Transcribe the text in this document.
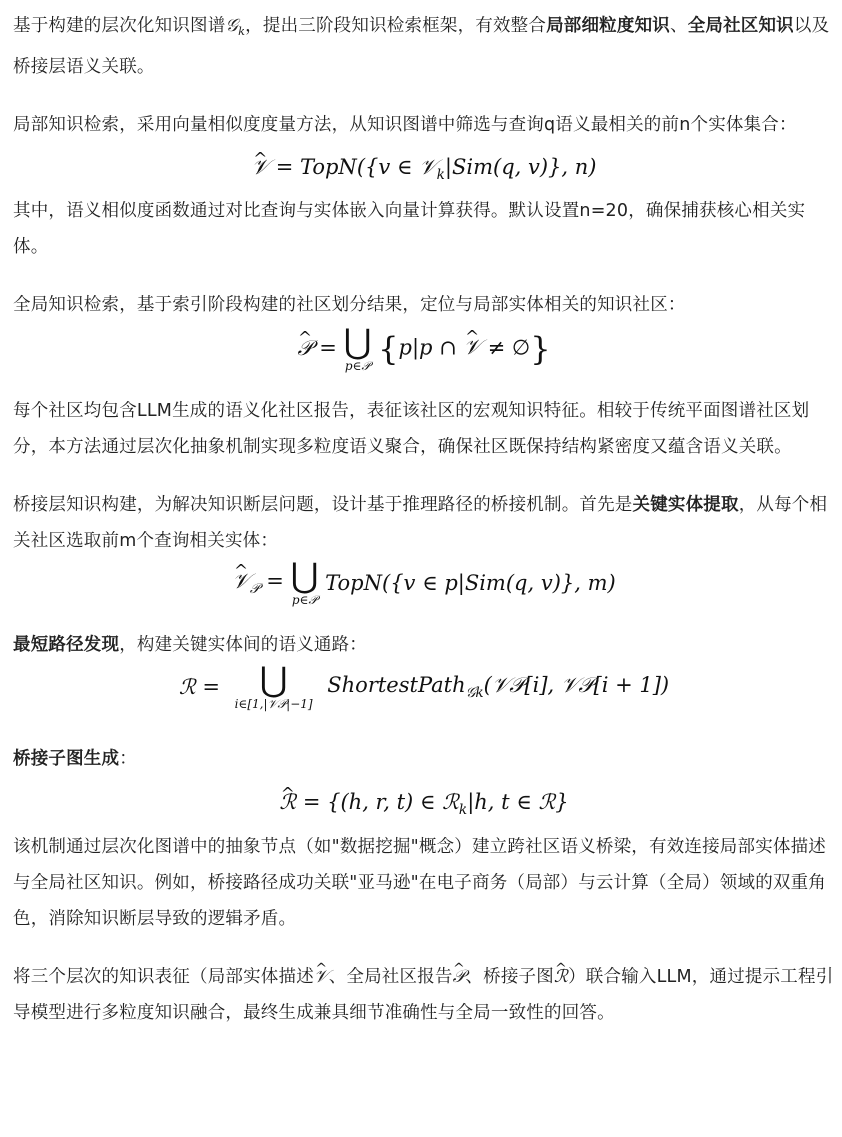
基于构建的层次化知识图谱𝒢$_k$，提出三阶段知识检索框架，有效整合局部细粒度知识、全局社区知识以及桥接层语义关联。

局部知识检索，采用向量相似度度量方法，从知识图谱中筛选与查询q语义最相关的前n个实体集合：

^ 𝒱 = TopN({v ∈ 𝒱$_k$|Sim(q, v)}, n)

其中，语义相似度函数通过对比查询与实体嵌入向量计算获得。默认设置n=20，确保捕获核心相关实体。

全局知识检索，基于索引阶段构建的社区划分结果，定位与局部实体相关的知识社区：

^ 𝒫 = ⋃
p∈𝒫 {p|p ∩ ^ 𝒱 ≠ ∅}

每个社区均包含LLM生成的语义化社区报告，表征该社区的宏观知识特征。相较于传统平面图谱社区划分，本方法通过层次化抽象机制实现多粒度语义聚合，确保社区既保持结构紧密度又蕴含语义关联。

桥接层知识构建，为解决知识断层问题，设计基于推理路径的桥接机制。首先是关键实体提取，从每个相关社区选取前m个查询相关实体：

^ 𝒱$_𝒫$ = ⋃
p∈𝒫
TopN({v ∈ p|Sim(q, v)}, m)

最短路径发现，构建关键实体间的语义通路：

ℛ =	⋃
i∈[1,|𝒱𝒫|−1]
ShortestPath$_{𝒢k}$(𝒱𝒫[i], 𝒱𝒫[i + 1])

桥接子图生成：

^ ℛ = {(h, r, t) ∈ ℛ$_k$|h, t ∈ ℛ}

该机制通过层次化图谱中的抽象节点（如"数据挖掘"概念）建立跨社区语义桥梁，有效连接局部实体描述与全局社区知识。例如，桥接路径成功关联"亚马逊"在电子商务（局部）与云计算（全局）领域的双重角色，消除知识断层导致的逻辑矛盾。

将三个层次的知识表征（局部实体描述^ 𝒱、全局社区报告^ 𝒫、桥接子图^ ℛ）联合输入LLM，通过提示工程引导模型进行多粒度知识融合，最终生成兼具细节准确性与全局一致性的回答。
